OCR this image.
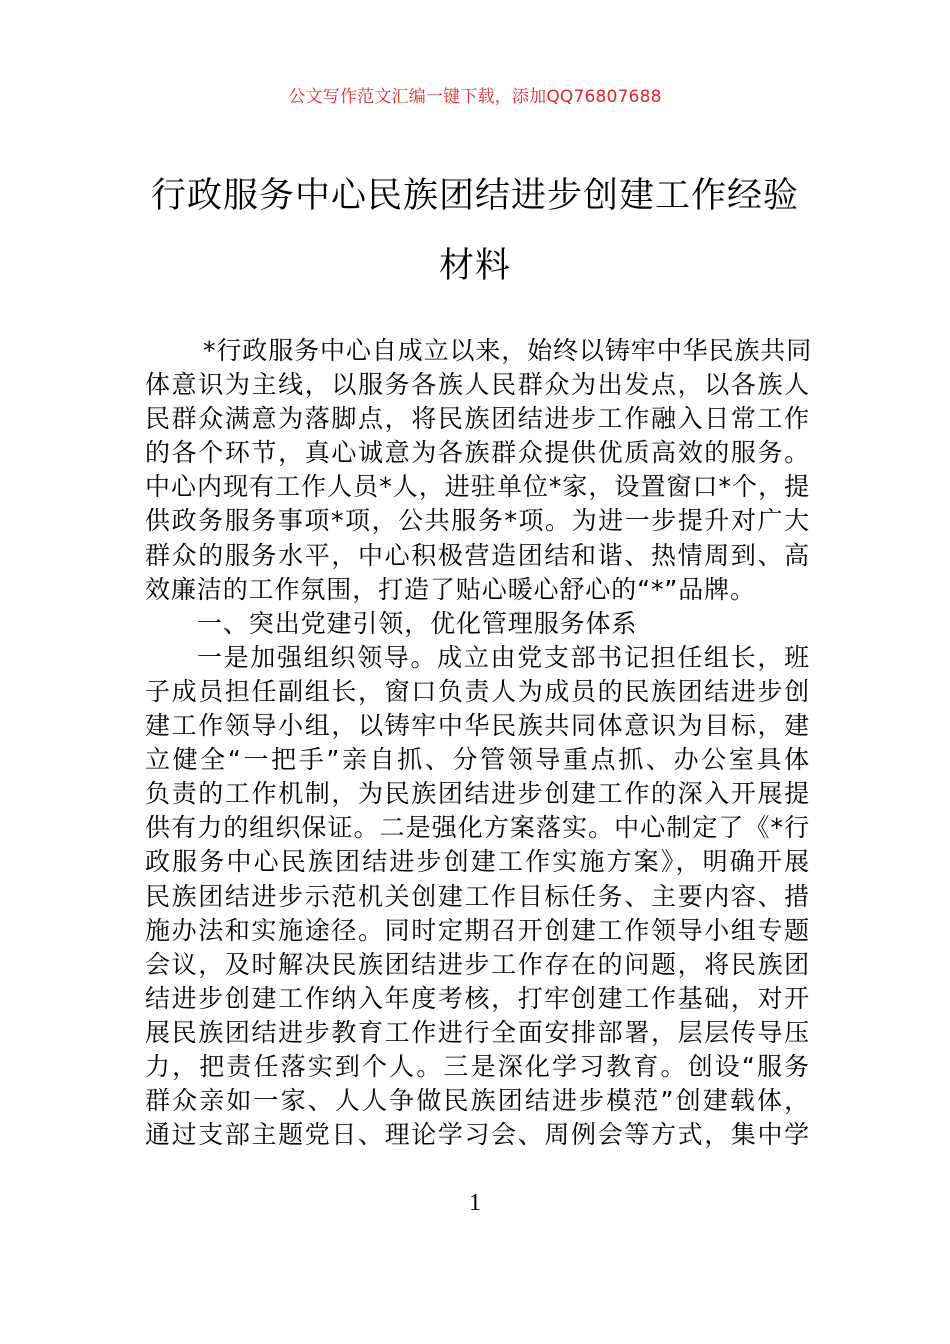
公文写作范文汇编一键下载，添加QQ76807688
行政服务中心民族团结进步创建工作经验
材料
*行政服务中心自成立以来，始终以铸牢中华民族共同
体意识为主线，以服务各族人民群众为出发点，以各族人
民群众满意为落脚点，将民族团结进步工作融入日常工作
的各个环节，真心诚意为各族群众提供优质高效的服务。
中心内现有工作人员*人，进驻单位*家，设置窗口*个，提
供政务服务事项*项，公共服务*项。为进一步提升对广大
群众的服务水平，中心积极营造团结和谐、热情周到、高
效廉洁的工作氛围，打造了贴心暖心舒心的“*”品牌。
一、突出党建引领，优化管理服务体系
一是加强组织领导。成立由党支部书记担任组长，班
子成员担任副组长，窗口负责人为成员的民族团结进步创
建工作领导小组，以铸牢中华民族共同体意识为目标，建
立健全“一把手”亲自抓、分管领导重点抓、办公室具体
负责的工作机制，为民族团结进步创建工作的深入开展提
供有力的组织保证。二是强化方案落实。中心制定了《*行
政服务中心民族团结进步创建工作实施方案》，明确开展
民族团结进步示范机关创建工作目标任务、主要内容、措
施办法和实施途径。同时定期召开创建工作领导小组专题
会议，及时解决民族团结进步工作存在的问题，将民族团
结进步创建工作纳入年度考核，打牢创建工作基础，对开
展民族团结进步教育工作进行全面安排部署，层层传导压
力，把责任落实到个人。三是深化学习教育。创设“服务
群众亲如一家、人人争做民族团结进步模范”创建载体，
通过支部主题党日、理论学习会、周例会等方式，集中学
1
